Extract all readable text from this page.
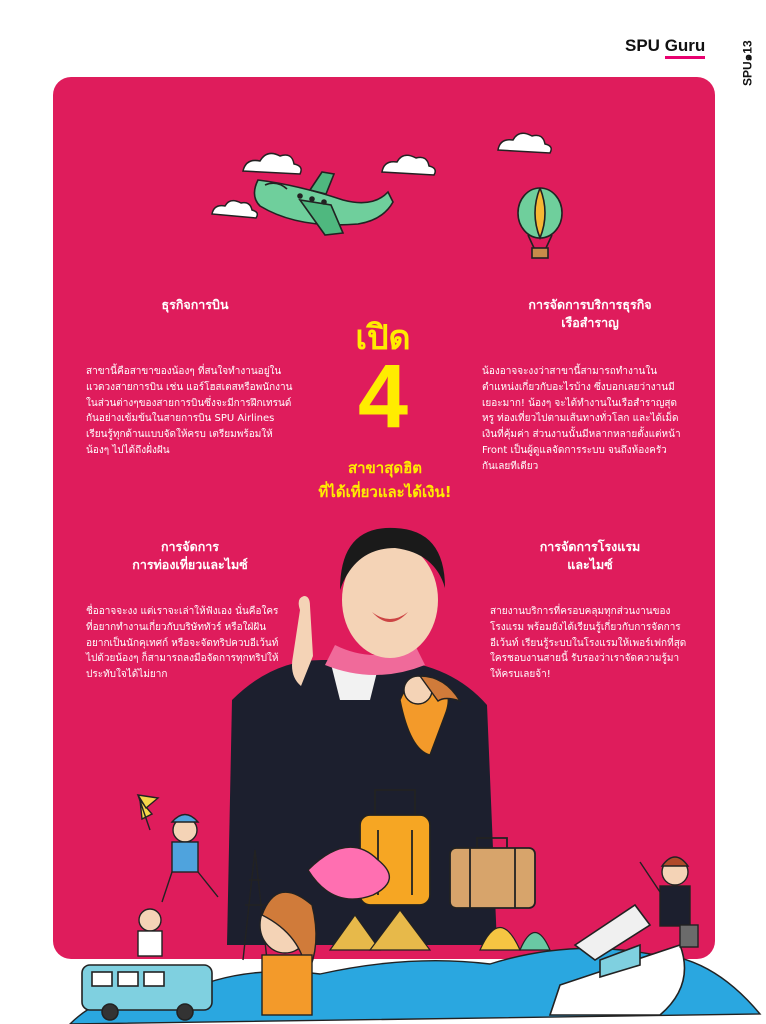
SPU Guru	SPU๑13
เปิด
4
สาขาสุดฮิต
ที่ได้เที่ยวและได้เงิน!
ธุรกิจการบิน
สาขานี้คือสาขาของน้องๆ ที่สนใจทำงานอยู่ใน
แวดวงสายการบิน เช่น แอร์โฮสเตสหรือพนักงาน
ในส่วนต่างๆของสายการบินซึ่งจะมีการฝึกเทรนด์
กันอย่างเข้มข้นในสายการบิน SPU Airlines
เรียนรู้ทุกด้านแบบจัดให้ครบ เตรียมพร้อมให้
น้องๆ ไปได้ถึงฝั่งฝัน
การจัดการบริการธุรกิจ
เรือสำราญ
น้องอาจจะงงว่าสาขานี้สามารถทำงานใน
ตำแหน่งเกี่ยวกับอะไรบ้าง ซึ่งบอกเลยว่างานมี
เยอะมาก! น้องๆ จะได้ทำงานในเรือสำราญสุด
หรู ท่องเที่ยวไปตามเส้นทางทั่วโลก และได้เม็ด
เงินที่คุ้มค่า ส่วนงานนั้นมีหลากหลายตั้งแต่หน้า
Front เป็นผู้ดูแลจัดการระบบ จนถึงห้องครัว
กันเลยทีเดียว
การจัดการ
การท่องเที่ยวและไมซ์
ชื่ออาจจะงง แต่เราจะเล่าให้ฟังเอง นั่นคือใคร
ที่อยากทำงานเกี่ยวกับบริษัททัวร์ หรือใฝ่ฝัน
อยากเป็นนักคุเทศก์ หรือจะจัดทริปควบอีเว้นท์
ไปด้วยน้องๆ ก็สามารถลงมือจัดการทุกทริปให้
ประทับใจได้ไม่ยาก
การจัดการโรงแรม
และไมซ์
สายงานบริการที่ครอบคลุมทุกส่วนงานของ
โรงแรม พร้อมยังได้เรียนรู้เกี่ยวกับการจัดการ
อีเว้นท์ เรียนรู้ระบบในโรงแรมให้เพอร์เฟกที่สุด
ใครชอบงานสายนี้ รับรองว่าเราจัดความรู้มา
ให้ครบเลยจ้า!
